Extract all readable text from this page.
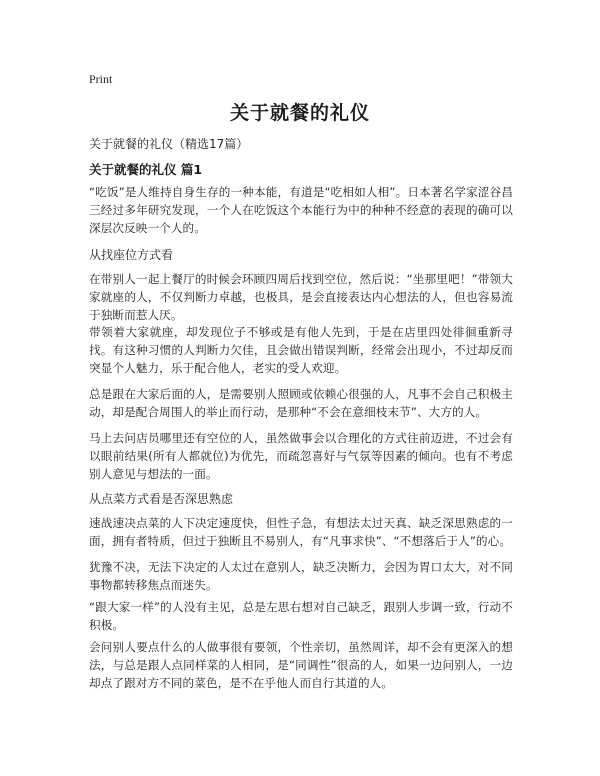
Print
关于就餐的礼仪
关于就餐的礼仪（精选17篇）
关于就餐的礼仪 篇1
“吃饭”是人维持自身生存的一种本能，有道是“吃相如人相”。日本著名学家涩谷昌三经过多年研究发现，一个人在吃饭这个本能行为中的种种不经意的表现的确可以深层次反映一个人的。
从找座位方式看
在带别人一起上餐厅的时候会环顾四周后找到空位，然后说：“坐那里吧！”带领大家就座的人，不仅判断力卓越，也极具，是会直接表达内心想法的人，但也容易流于独断而惹人厌。
带领着大家就座，却发现位子不够或是有他人先到，于是在店里四处徘徊重新寻找。有这种习惯的人判断力欠佳，且会做出错误判断，经常会出现小，不过却反而突显个人魅力，乐于配合他人，老实的受人欢迎。
总是跟在大家后面的人，是需要别人照顾或依赖心很强的人，凡事不会自己积极主动，却是配合周围人的举止而行动，是那种“不会在意细枝末节”、大方的人。
马上去问店员哪里还有空位的人，虽然做事会以合理化的方式往前迈进，不过会有以眼前结果(所有人都就位)为优先，而疏忽喜好与气氛等因素的倾向。也有不考虑别人意见与想法的一面。
从点菜方式看是否深思熟虑
速战速决点菜的人下决定速度快，但性子急，有想法太过天真、缺乏深思熟虑的一面，拥有者特质，但过于独断且不易别人，有“凡事求快”、“不想落后于人”的心。
犹豫不决，无法下决定的人太过在意别人，缺乏决断力，会因为胃口太大，对不同事物都转移焦点而迷失。
“跟大家一样”的人没有主见，总是左思右想对自己缺乏，跟别人步调一致，行动不积极。
会问别人要点什么的人做事很有要领，个性亲切，虽然周详，却不会有更深入的想法，与总是跟人点同样菜的人相同，是“同调性”很高的人，如果一边问别人，一边却点了跟对方不同的菜色，是不在乎他人而自行其道的人。
